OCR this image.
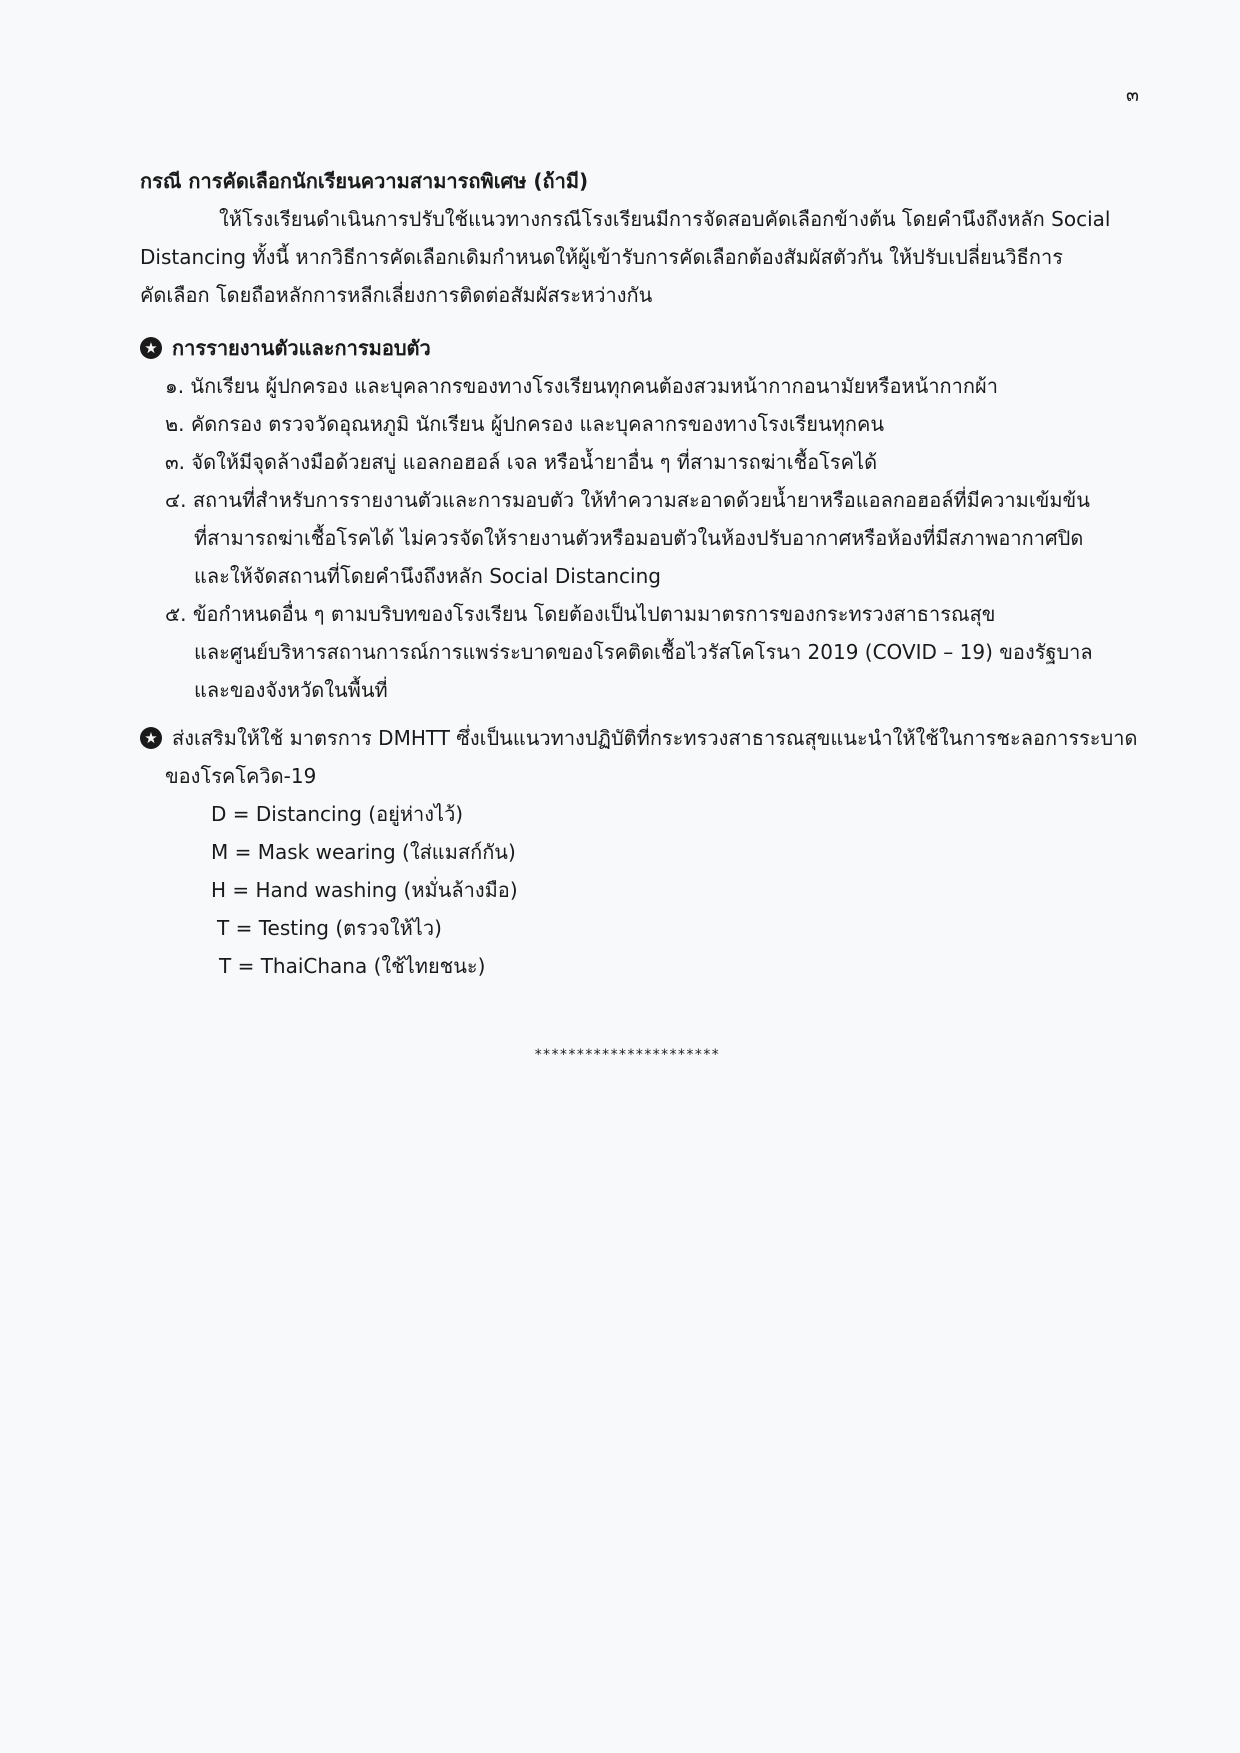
๓
กรณี การคัดเลือกนักเรียนความสามารถพิเศษ (ถ้ามี)
ให้โรงเรียนดำเนินการปรับใช้แนวทางกรณีโรงเรียนมีการจัดสอบคัดเลือกข้างต้น โดยคำนึงถึงหลัก Social
Distancing ทั้งนี้ หากวิธีการคัดเลือกเดิมกำหนดให้ผู้เข้ารับการคัดเลือกต้องสัมผัสตัวกัน ให้ปรับเปลี่ยนวิธีการ
คัดเลือก โดยถือหลักการหลีกเลี่ยงการติดต่อสัมผัสระหว่างกัน
★ การรายงานตัวและการมอบตัว
๑. นักเรียน ผู้ปกครอง และบุคลากรของทางโรงเรียนทุกคนต้องสวมหน้ากากอนามัยหรือหน้ากากผ้า
๒. คัดกรอง ตรวจวัดอุณหภูมิ นักเรียน ผู้ปกครอง และบุคลากรของทางโรงเรียนทุกคน
๓. จัดให้มีจุดล้างมือด้วยสบู่ แอลกอฮอล์ เจล หรือน้ำยาอื่น ๆ ที่สามารถฆ่าเชื้อโรคได้
๔. สถานที่สำหรับการรายงานตัวและการมอบตัว ให้ทำความสะอาดด้วยน้ำยาหรือแอลกอฮอล์ที่มีความเข้มข้น
ที่สามารถฆ่าเชื้อโรคได้ ไม่ควรจัดให้รายงานตัวหรือมอบตัวในห้องปรับอากาศหรือห้องที่มีสภาพอากาศปิด
และให้จัดสถานที่โดยคำนึงถึงหลัก Social Distancing
๕. ข้อกำหนดอื่น ๆ ตามบริบทของโรงเรียน โดยต้องเป็นไปตามมาตรการของกระทรวงสาธารณสุข
และศูนย์บริหารสถานการณ์การแพร่ระบาดของโรคติดเชื้อไวรัสโคโรนา 2019 (COVID – 19) ของรัฐบาล
และของจังหวัดในพื้นที่
★ ส่งเสริมให้ใช้ มาตรการ DMHTT ซึ่งเป็นแนวทางปฏิบัติที่กระทรวงสาธารณสุขแนะนำให้ใช้ในการชะลอการระบาด
ของโรคโควิด-19
D = Distancing (อยู่ห่างไว้)
M = Mask wearing (ใส่แมสก์กัน)
H = Hand washing (หมั่นล้างมือ)
T = Testing (ตรวจให้ไว)
T = ThaiChana (ใช้ไทยชนะ)
**********************
